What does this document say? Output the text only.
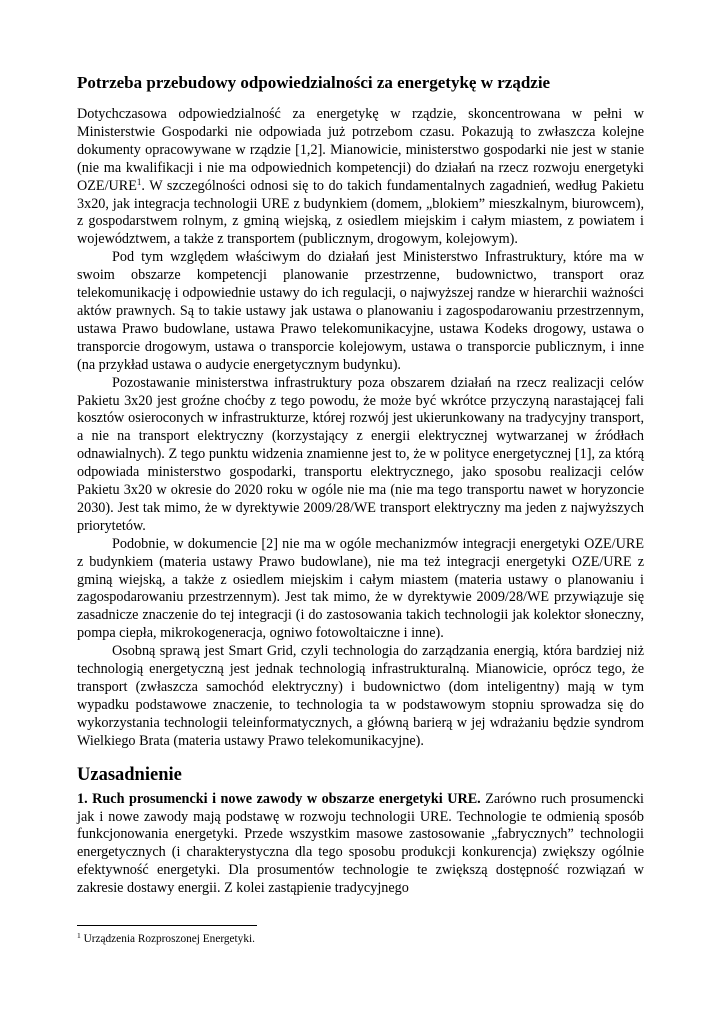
Potrzeba przebudowy odpowiedzialności za energetykę w rządzie

Dotychczasowa odpowiedzialność za energetykę w rządzie, skoncentrowana w pełni w Ministerstwie Gospodarki nie odpowiada już potrzebom czasu. Pokazują to zwłaszcza kolejne dokumenty opracowywane w rządzie [1,2]. Mianowicie, ministerstwo gospodarki nie jest w stanie (nie ma kwalifikacji i nie ma odpowiednich kompetencji) do działań na rzecz rozwoju energetyki OZE/URE$^1$. W szczególności odnosi się to do takich fundamentalnych zagadnień, według Pakietu 3x20, jak integracja technologii URE z budynkiem (domem, „blokiem” mieszkalnym, biurowcem), z gospodarstwem rolnym, z gminą wiejską, z osiedlem miejskim i całym miastem, z powiatem i województwem, a także z transportem (publicznym, drogowym, kolejowym).

Pod tym względem właściwym do działań jest Ministerstwo Infrastruktury, które ma w swoim obszarze kompetencji planowanie przestrzenne, budownictwo, transport oraz telekomunikację i odpowiednie ustawy do ich regulacji, o najwyższej randze w hierarchii ważności aktów prawnych. Są to takie ustawy jak ustawa o planowaniu i zagospodarowaniu przestrzennym, ustawa Prawo budowlane, ustawa Prawo telekomunikacyjne, ustawa Kodeks drogowy, ustawa o transporcie drogowym, ustawa o transporcie kolejowym, ustawa o transporcie publicznym, i inne (na przykład ustawa o audycie energetycznym budynku).

Pozostawanie ministerstwa infrastruktury poza obszarem działań na rzecz realizacji celów Pakietu 3x20 jest groźne choćby z tego powodu, że może być wkrótce przyczyną narastającej fali kosztów osieroconych w infrastrukturze, której rozwój jest ukierunkowany na tradycyjny transport, a nie na transport elektryczny (korzystający z energii elektrycznej wytwarzanej w źródłach odnawialnych). Z tego punktu widzenia znamienne jest to, że w polityce energetycznej [1], za którą odpowiada ministerstwo gospodarki, transportu elektrycznego, jako sposobu realizacji celów Pakietu 3x20 w okresie do 2020 roku w ogóle nie ma (nie ma tego transportu nawet w horyzoncie 2030). Jest tak mimo, że w dyrektywie 2009/28/WE transport elektryczny ma jeden z najwyższych priorytetów.

Podobnie, w dokumencie [2] nie ma w ogóle mechanizmów integracji energetyki OZE/URE z budynkiem (materia ustawy Prawo budowlane), nie ma też integracji energetyki OZE/URE z gminą wiejską, a także z osiedlem miejskim i całym miastem (materia ustawy o planowaniu i zagospodarowaniu przestrzennym). Jest tak mimo, że w dyrektywie 2009/28/WE przywiązuje się zasadnicze znaczenie do tej integracji (i do zastosowania takich technologii jak kolektor słoneczny, pompa ciepła, mikrokogeneracja, ogniwo fotowoltaiczne i inne).

Osobną sprawą jest Smart Grid, czyli technologia do zarządzania energią, która bardziej niż technologią energetyczną jest jednak technologią infrastrukturalną. Mianowicie, oprócz tego, że transport (zwłaszcza samochód elektryczny) i budownictwo (dom inteligentny) mają w tym wypadku podstawowe znaczenie, to technologia ta w podstawowym stopniu sprowadza się do wykorzystania technologii teleinformatycznych, a główną barierą w jej wdrażaniu będzie syndrom Wielkiego Brata (materia ustawy Prawo telekomunikacyjne).

Uzasadnienie

1. Ruch prosumencki i nowe zawody w obszarze energetyki URE. Zarówno ruch prosumencki jak i nowe zawody mają podstawę w rozwoju technologii URE. Technologie te odmienią sposób funkcjonowania energetyki. Przede wszystkim masowe zastosowanie „fabrycznych” technologii energetycznych (i charakterystyczna dla tego sposobu produkcji konkurencja) zwiększy ogólnie efektywność energetyki. Dla prosumentów technologie te zwiększą dostępność rozwiązań w zakresie dostawy energii. Z kolei zastąpienie tradycyjnego

$^1$ Urządzenia Rozproszonej Energetyki.
